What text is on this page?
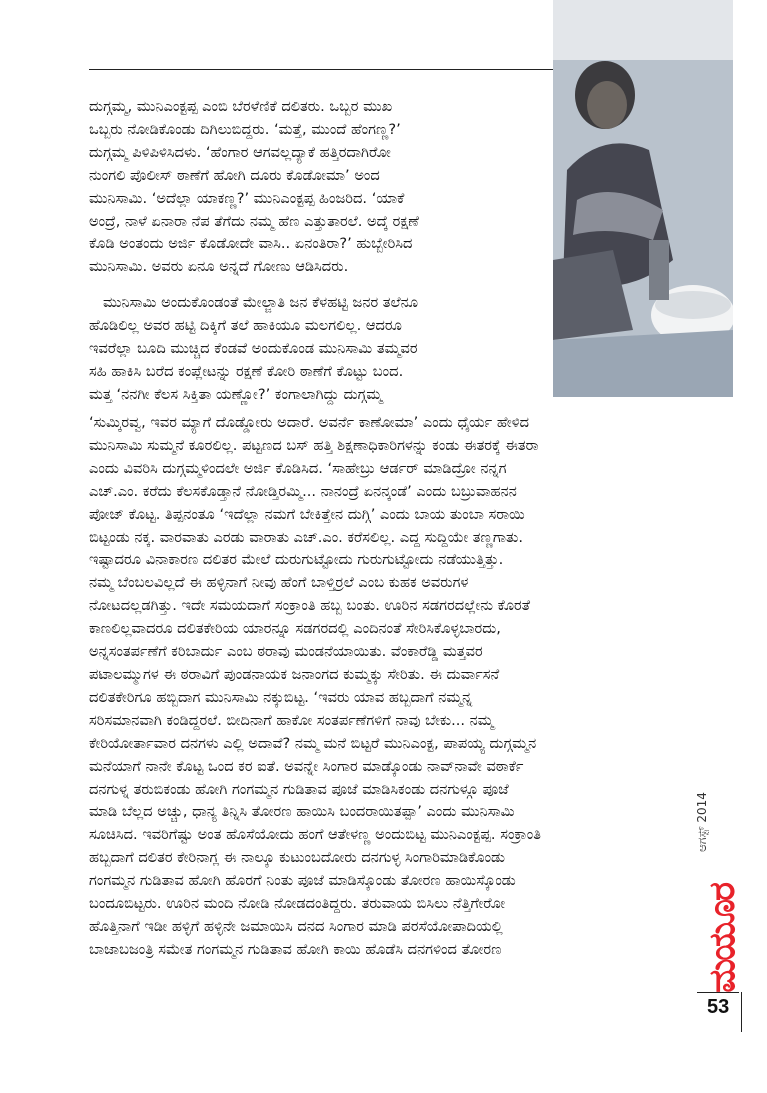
ದುಗ್ಗಮ್ಮ, ಮುನಿಎಂಕ್ಟಪ್ಪ ಎಂಬಿ ಬೆರಳೆಣಿಕೆ ದಲಿತರು. ಒಬ್ಬರ ಮುಖ
ಒಬ್ಬರು ನೋಡಿಕೊಂಡು ದಿಗಿಲುಬಿದ್ದರು. ‘ಮತ್ತೆ, ಮುಂದೆ ಹೆಂಗಣ್ಣ?’
ದುಗ್ಗಮ್ಮ ಪಿಳಿಪಿಳಿಸಿದಳು. ‘ಹೆಂಗಾರ ಆಗವಲ್ಲದ್ಯಾಕೆ ಹತ್ತಿರದಾಗಿರೋ
ನುಂಗಲಿ ಪೊಲೀಸ್ ಠಾಣೆಗೆ ಹೋಗಿ ದೂರು ಕೊಡೋಮಾ’ ಅಂದ
ಮುನಿಸಾಮಿ. ‘ಅದೆಲ್ಲಾ ಯಾಕಣ್ಣ?’ ಮುನಿಎಂಕ್ಟಪ್ಪ ಹಿಂಜರಿದ. ‘ಯಾಕೆ
ಅಂದ್ರೆ, ನಾಳೆ ಏನಾರಾ ನೆಪ ತೆಗೆದು ನಮ್ಮ ಹೆಣ ಎತ್ತುತಾರಲೆ. ಅದ್ಕೆ ರಕ್ಷಣೆ
ಕೊಡಿ ಅಂತಂದು ಅರ್ಜಿ ಕೊಡೋದೇ ವಾಸಿ.. ಏನಂತಿರಾ?’ ಹುಬ್ಬೇರಿಸಿದ
ಮುನಿಸಾಮಿ. ಅವರು ಏನೂ ಅನ್ನದೆ ಗೋಣು ಆಡಿಸಿದರು.

ಮುನಿಸಾಮಿ ಅಂದುಕೊಂಡಂತೆ ಮೇಲ್ಜಾತಿ ಜನ ಕೆಳಹಟ್ಟಿ ಜನರ ತಲೆನೂ
ಹೊಡಿಲಿಲ್ಲ ಅವರ ಹಟ್ಟಿ ದಿಕ್ಕಿಗೆ ತಲೆ ಹಾಕಿಯೂ ಮಲಗಲಿಲ್ಲ. ಆದರೂ
ಇವರೆಲ್ಲಾ ಬೂದಿ ಮುಚ್ಚಿದ ಕೆಂಡವೆ ಅಂದುಕೊಂಡ ಮುನಿಸಾಮಿ ತಮ್ಮವರ
ಸಹಿ ಹಾಕಿಸಿ ಬರೆದ ಕಂಪ್ಲೇಟನ್ನು ರಕ್ಷಣೆ ಕೋರಿ ಠಾಣೆಗೆ ಕೊಟ್ಟು ಬಂದ.
ಮತ್ತ ‘ನನಗೀ ಕೆಲಸ ಸಿಕ್ತಿತಾ ಯಣ್ಣೋ?’ ಕಂಗಾಲಾಗಿದ್ದು ದುಗ್ಗಮ್ಮ

‘ಸುಮ್ಕಿರವ್ವ, ಇವರ ಮ್ಯಾಗೆ ದೊಡ್ಡೋರು ಅದಾರೆ. ಅವರ್ನೆ ಕಾಣೋಮಾ’ ಎಂದು ಧೈರ್ಯ ಹೇಳಿದ
ಮುನಿಸಾಮಿ ಸುಮ್ಮನೆ ಕೂರಲಿಲ್ಲ. ಪಟ್ಟಣದ ಬಸ್ ಹತ್ತಿ ಶಿಕ್ಷಣಾಧಿಕಾರಿಗಳನ್ನು ಕಂಡು ಈತರಕ್ಕೆ ಈತರಾ
ಎಂದು ವಿವರಿಸಿ ದುಗ್ಗಮ್ಮಳಿಂದಲೇ ಅರ್ಜಿ ಕೊಡಿಸಿದ. ‘ಸಾಹೇಬ್ರು ಆರ್ಡರ್ ಮಾಡಿದ್ರೋ ನನ್ನಗ
ಎಚ್.ಎಂ. ಕರೆದು ಕೆಲಸಕೊಡ್ತಾನೆ ನೋಡ್ತಿರಮ್ಮಿ... ನಾನಂದ್ರೆ ಏನನ್ಕಂಡೆ’ ಎಂದು ಬಬ್ರುವಾಹನನ
ಪೋಜ್ ಕೊಟ್ಟ. ತಿಪ್ಪನಂತೂ ‘ಇದೆಲ್ಲಾ ನಮಗೆ ಬೇಕಿತ್ತೇನ ದುಗ್ಗಿ’ ಎಂದು ಬಾಯ ತುಂಬಾ ಸರಾಯಿ
ಬಿಟ್ಟಂಡು ನಕ್ಕ. ವಾರವಾತು ಎರಡು ವಾರಾತು ಎಚ್.ಎಂ. ಕರೆಸಲಿಲ್ಲ. ಎದ್ದ ಸುದ್ದಿಯೇ ತಣ್ಣಗಾತು.
ಇಷ್ಟಾದರೂ ವಿನಾಕಾರಣ ದಲಿತರ ಮೇಲೆ ದುರುಗುಟ್ಟೋದು ಗುರುಗುಟ್ಟೋದು ನಡೆಯುತ್ತಿತ್ತು.
ನಮ್ಮ ಬೆಂಬಲವಿಲ್ಲದೆ ಈ ಹಳ್ಳಿನಾಗೆ ನೀವು ಹೆಂಗೆ ಬಾಳ್ತಿರ್ರಲೆ ಎಂಬ ಕುಹಕ ಅವರುಗಳ
ನೋಟದಲ್ಲಡಗಿತ್ತು. ಇದೇ ಸಮಯದಾಗೆ ಸಂಕ್ರಾಂತಿ ಹಬ್ಬ ಬಂತು. ಊರಿನ ಸಡಗರದಲ್ಲೇನು ಕೊರತೆ
ಕಾಣಲಿಲ್ಲವಾದರೂ ದಲಿತಕೇರಿಯ ಯಾರನ್ನೂ ಸಡಗರದಲ್ಲಿ ಎಂದಿನಂತೆ ಸೇರಿಸಿಕೊಳ್ಳಬಾರದು,
ಅನ್ನಸಂತರ್ಪಣೆಗೆ ಕರಿಬಾರ್ದು ಎಂಬ ಠರಾವು ಮಂಡನೆಯಾಯಿತು. ವೆಂಕಾರೆಡ್ಡಿ ಮತ್ತವರ
ಪಟಾಲಮ್ಮುಗಳ ಈ ಠರಾವಿಗೆ ಪುಂಡನಾಯಕ ಜನಾಂಗದ ಕುಮ್ಮಕ್ಕು ಸೇರಿತು. ಈ ದುರ್ವಾಸನೆ
ದಲಿತಕೇರಿಗೂ ಹಬ್ಬಿದಾಗ ಮುನಿಸಾಮಿ ನಕ್ಕುಬಿಟ್ಟ. ‘ಇವರು ಯಾವ ಹಬ್ಬದಾಗೆ ನಮ್ಮನ್ನ
ಸರಿಸಮಾನವಾಗಿ ಕಂಡಿದ್ದರಲೆ. ಬೀದಿನಾಗೆ ಹಾಕೋ ಸಂತರ್ಪಣೆಗಳಿಗೆ ನಾವು ಬೇಕು... ನಮ್ಮ
ಕೇರಿಯೋರ್ತಾವಾರ ದನಗಳು ಎಲ್ಲಿ ಅದಾವೆ? ನಮ್ಮ ಮನೆ ಬಿಟ್ಟರೆ ಮುನಿಎಂಕ್ಟ, ಪಾಪಯ್ಯ ದುಗ್ಗಮ್ಮನ
ಮನೆಯಾಗೆ ನಾನೇ ಕೊಟ್ಟ ಒಂದ ಕರ ಐತೆ. ಅವನ್ನೇ ಸಿಂಗಾರ ಮಾಡ್ಕೊಂಡು ನಾವ್‌ನಾವೇ ವಠಾರ್ಕೆ
ದನಗುಳ್ನ ತರುಬಿಕಂಡು ಹೋಗಿ ಗಂಗಮ್ಮನ ಗುಡಿತಾವ ಪೂಜೆ ಮಾಡಿಸಿಕಂಡು ದನಗುಳ್ಗೂ ಪೂಜೆ
ಮಾಡಿ ಬೆಲ್ಲದ ಅಚ್ಚು, ಧಾನ್ಯ ತಿನ್ನಿಸಿ ತೋರಣ ಹಾಯಿಸಿ ಬಂದರಾಯಿತಪ್ಪಾ’ ಎಂದು ಮುನಿಸಾಮಿ
ಸೂಚಿಸಿದ. ಇವರಿಗೆಷ್ಟು ಅಂತ ಹೊಸೆಯೋದು ಹಂಗೆ ಆತೇಳಣ್ಣ ಅಂದುಬಿಟ್ಟ ಮುನಿಎಂಕ್ಟಪ್ಪ. ಸಂಕ್ರಾಂತಿ
ಹಬ್ಬದಾಗೆ ದಲಿತರ ಕೇರಿನಾಗ್ಲ ಈ ನಾಲ್ಕೂ ಕುಟುಂಬದೋರು ದನಗುಳ್ಳ ಸಿಂಗಾರಿಮಾಡಿಕೊಂಡು
ಗಂಗಮ್ಮನ ಗುಡಿತಾವ ಹೋಗಿ ಹೊರಗೆ ನಿಂತು ಪೂಜೆ ಮಾಡಿಸ್ಕೊಂಡು ತೋರಣ ಹಾಯಿಸ್ಕೊಂಡು
ಬಂದೂಬಿಟ್ಟರು. ಊರಿನ ಮಂದಿ ನೋಡಿ ನೋಡದಂತಿದ್ದರು. ತರುವಾಯ ಬಿಸಿಲು ನೆತ್ತಿಗೇರೋ
ಹೊತ್ತಿನಾಗೆ ಇಡೀ ಹಳ್ಳಿಗೆ ಹಳ್ಳಿನೇ ಜಮಾಯಿಸಿ ದನದ ಸಿಂಗಾರ ಮಾಡಿ ಪರಸೆಯೋಪಾದಿಯಲ್ಲಿ
ಬಾಜಾಬಜಂತ್ರಿ ಸಮೇತ ಗಂಗಮ್ಮನ ಗುಡಿತಾವ ಹೋಗಿ ಕಾಯಿ ಹೊಡೆಸಿ ದನಗಳಿಂದ ತೋರಣ

ಆಗಸ್ಟ್ 2014
ಮಯೂರ
53
